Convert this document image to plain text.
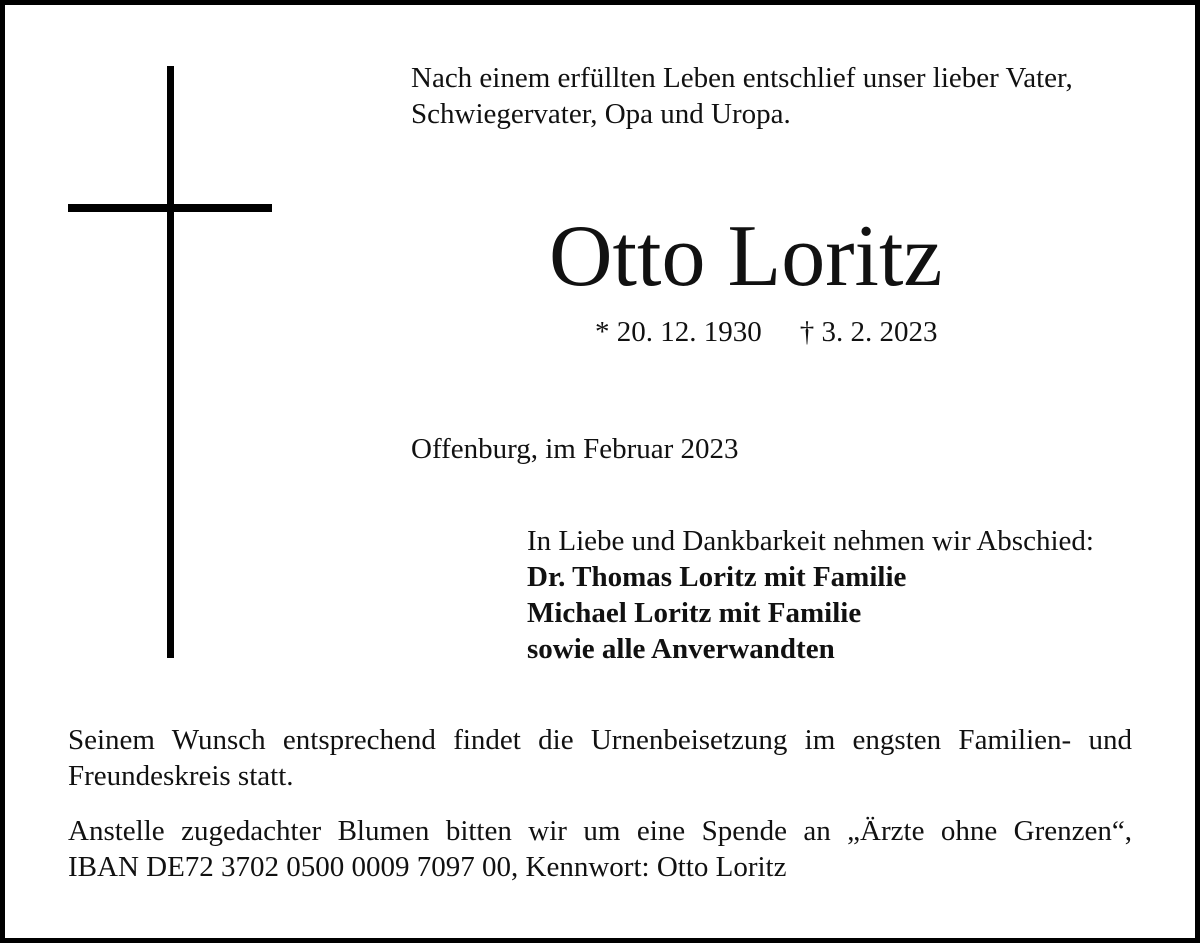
Nach einem erfüllten Leben entschlief unser lieber Vater,
Schwiegervater, Opa und Uropa.
Otto Loritz
* 20. 12. 1930 † 3. 2. 2023
Offenburg, im Februar 2023
In Liebe und Dankbarkeit nehmen wir Abschied:
Dr. Thomas Loritz mit Familie
Michael Loritz mit Familie
sowie alle Anverwandten
Seinem Wunsch entsprechend findet die Urnenbeisetzung im engsten Familien- und
Freundeskreis statt.
Anstelle zugedachter Blumen bitten wir um eine Spende an „Ärzte ohne Grenzen“,
IBAN DE72 3702 0500 0009 7097 00, Kennwort: Otto Loritz
